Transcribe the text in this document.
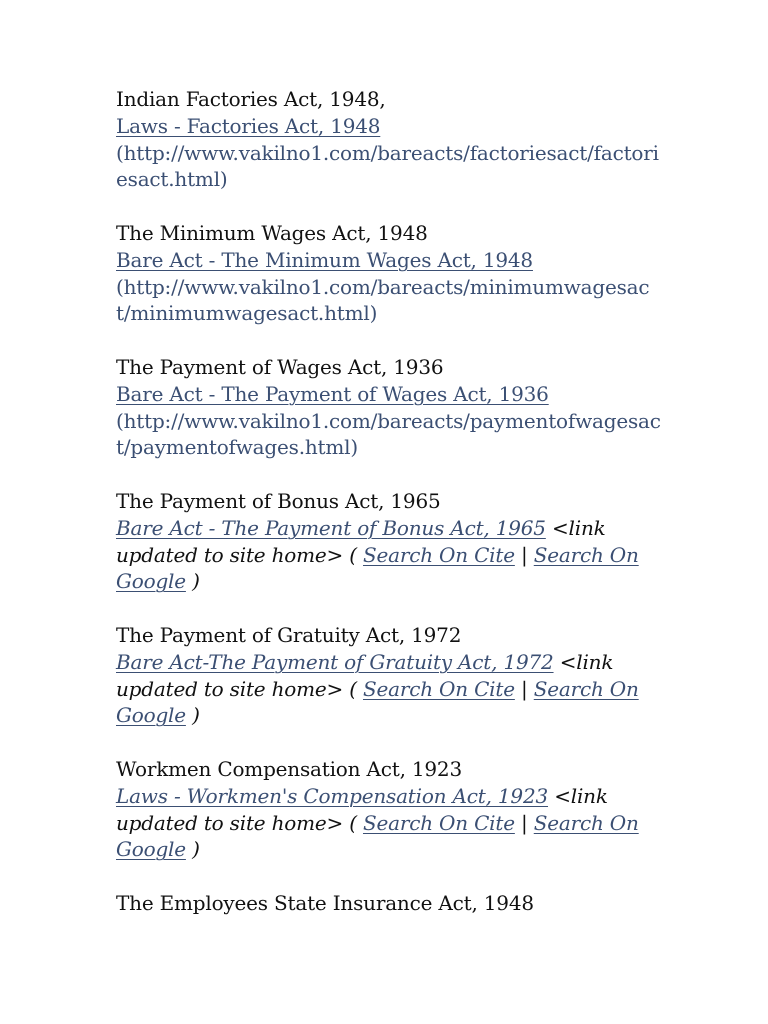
Indian Factories Act, 1948,
Laws - Factories Act, 1948
(http://www.vakilno1.com/bareacts/factoriesact/factoriesact.html)
The Minimum Wages Act, 1948
Bare Act - The Minimum Wages Act, 1948
(http://www.vakilno1.com/bareacts/minimumwagesact/minimumwagesact.html)
The Payment of Wages Act, 1936
Bare Act - The Payment of Wages Act, 1936
(http://www.vakilno1.com/bareacts/paymentofwagesact/paymentofwages.html)
The Payment of Bonus Act, 1965
Bare Act - The Payment of Bonus Act, 1965 <link updated to site home> ( Search On Cite | Search On Google )
The Payment of Gratuity Act, 1972
Bare Act-The Payment of Gratuity Act, 1972 <link updated to site home> ( Search On Cite | Search On Google )
Workmen Compensation Act, 1923
Laws - Workmen's Compensation Act, 1923 <link updated to site home> ( Search On Cite | Search On Google )
The Employees State Insurance Act, 1948
